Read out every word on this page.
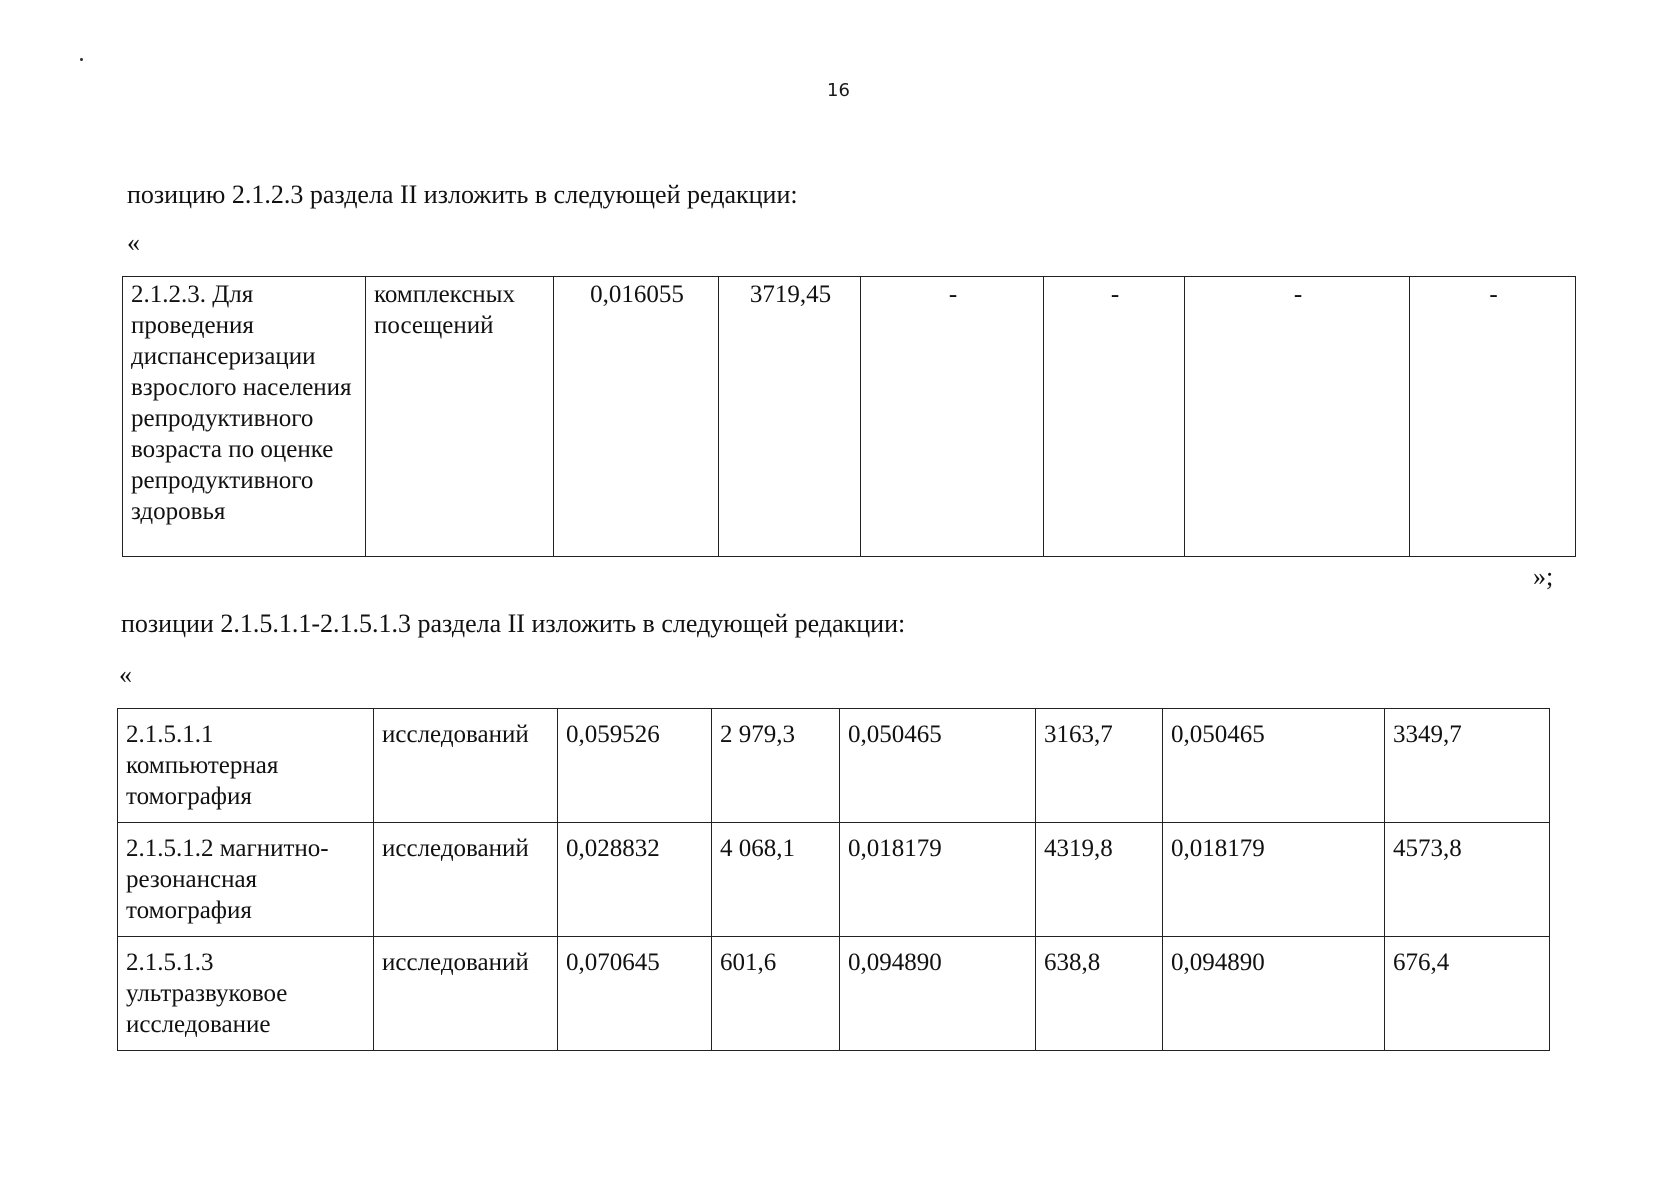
16
позицию 2.1.2.3 раздела II изложить в следующей редакции:
«
2.1.2.3. Для проведения диспансеризации взрослого населения репродуктивного возраста по оценке репродуктивного здоровья	комплексных посещений	0,016055	3719,45	-	-	-	-
»;
позиции 2.1.5.1.1-2.1.5.1.3 раздела II изложить в следующей редакции:
«
2.1.5.1.1 компьютерная томография	исследований	0,059526	2 979,3	0,050465	3163,7	0,050465	3349,7
2.1.5.1.2 магнитно-резонансная томография	исследований	0,028832	4 068,1	0,018179	4319,8	0,018179	4573,8
2.1.5.1.3 ультразвуковое исследование	исследований	0,070645	601,6	0,094890	638,8	0,094890	676,4
